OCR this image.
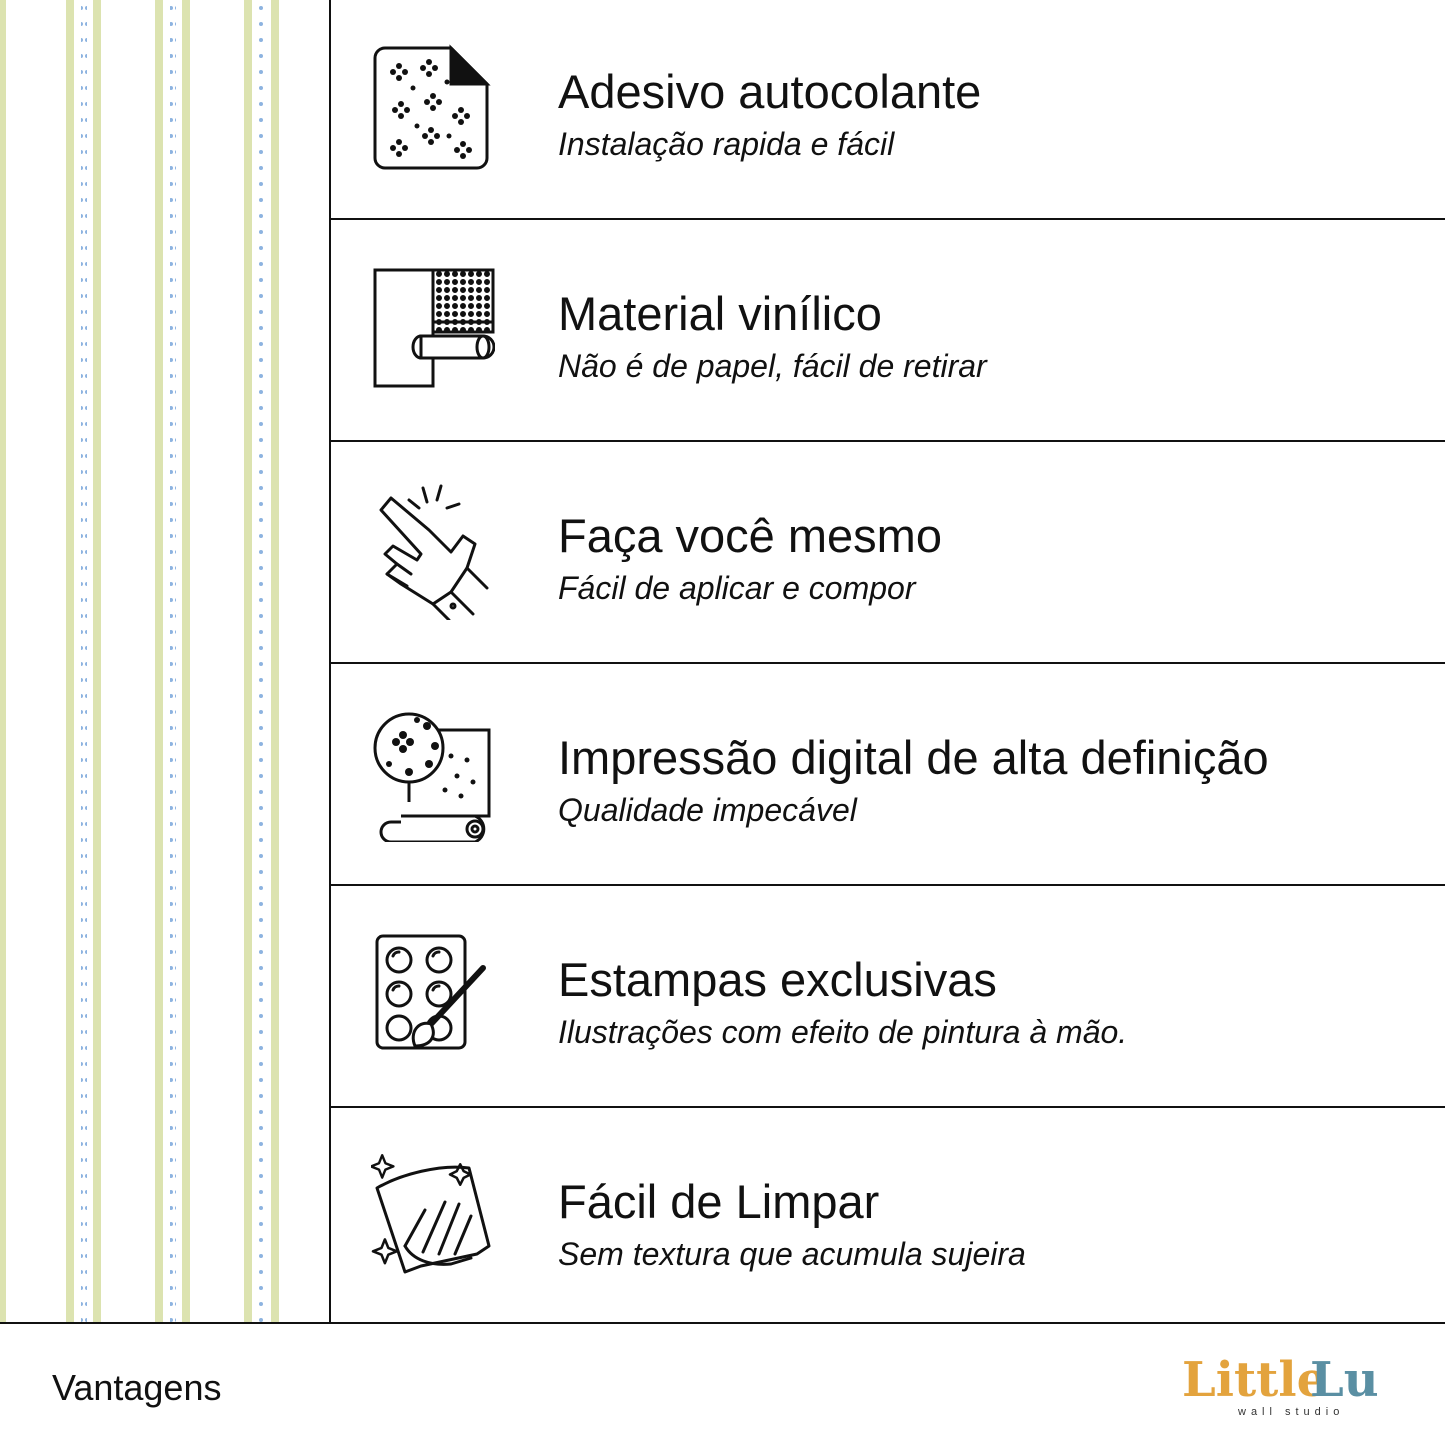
Adesivo autocolante
Instalação rapida e fácil
Material vinílico
Não é de papel, fácil de retirar
Faça você mesmo
Fácil de aplicar e compor
Impressão digital de alta definição
Qualidade impecável
Estampas exclusivas
Ilustrações com efeito de pintura à mão.
Fácil de Limpar
Sem textura que acumula sujeira
Vantagens	Little
Lu
wall studio
